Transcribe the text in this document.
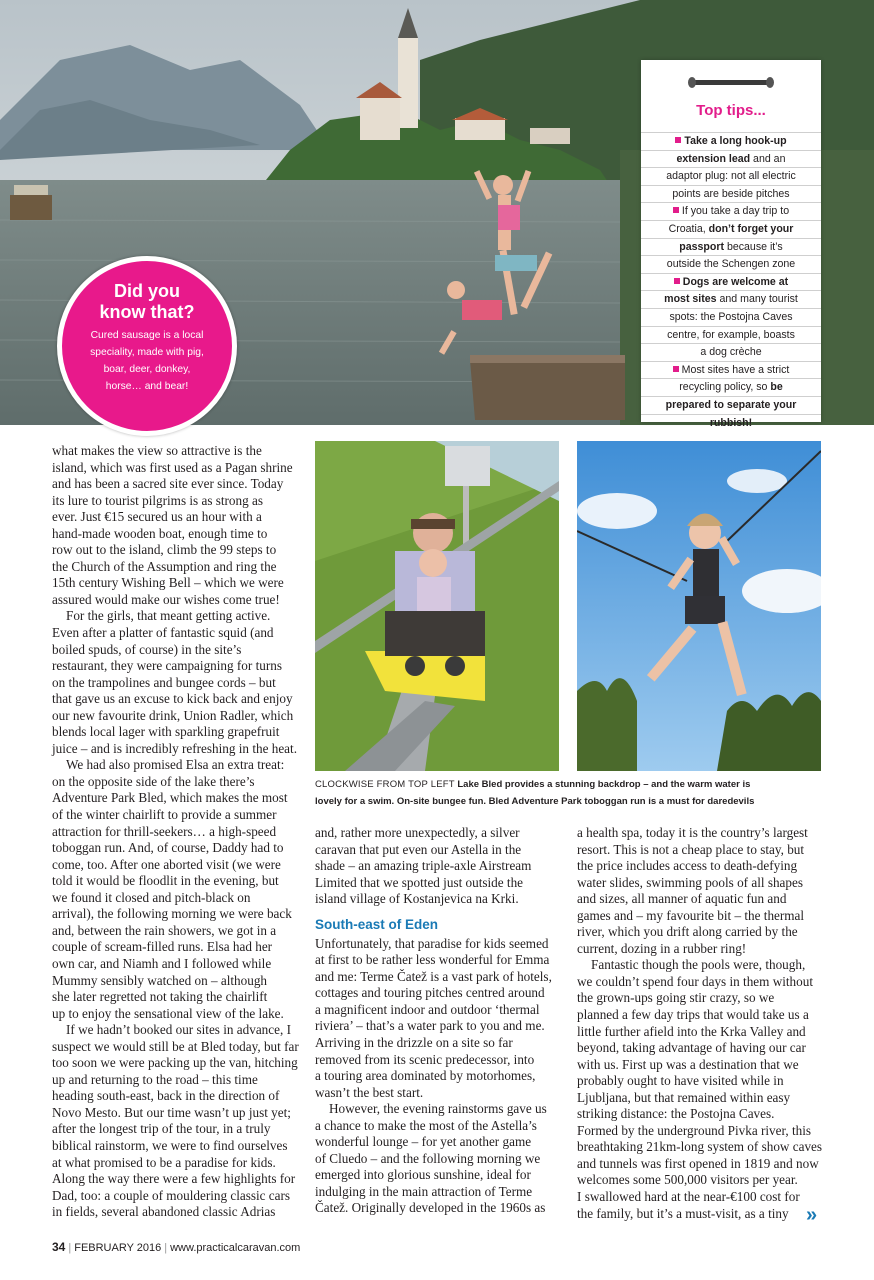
Top tips...
Take a long hook-up
extension lead and an
adaptor plug: not all electric
points are beside pitches
If you take a day trip to
Croatia, don’t forget your
passport because it’s
outside the Schengen zone
Dogs are welcome at
most sites and many tourist
spots: the Postojna Caves
centre, for example, boasts
a dog crèche
Most sites have a strict
recycling policy, so be
prepared to separate your
rubbish!
Did you
know that?
Cured sausage is a local
speciality, made with pig,
boar, deer, donkey,
horse… and bear!
what makes the view so attractive is the
island, which was first used as a Pagan shrine
and has been a sacred site ever since. Today
its lure to tourist pilgrims is as strong as
ever. Just €15 secured us an hour with a
hand-made wooden boat, enough time to
row out to the island, climb the 99 steps to
the Church of the Assumption and ring the
15th century Wishing Bell – which we were
assured would make our wishes come true!
For the girls, that meant getting active.
Even after a platter of fantastic squid (and
boiled spuds, of course) in the site’s
restaurant, they were campaigning for turns
on the trampolines and bungee cords – but
that gave us an excuse to kick back and enjoy
our new favourite drink, Union Radler, which
blends local lager with sparkling grapefruit
juice – and is incredibly refreshing in the heat.
We had also promised Elsa an extra treat:
on the opposite side of the lake there’s
Adventure Park Bled, which makes the most
of the winter chairlift to provide a summer
attraction for thrill-seekers… a high-speed
toboggan run. And, of course, Daddy had to
come, too. After one aborted visit (we were
told it would be floodlit in the evening, but
we found it closed and pitch-black on
arrival), the following morning we were back
and, between the rain showers, we got in a
couple of scream-filled runs. Elsa had her
own car, and Niamh and I followed while
Mummy sensibly watched on – although
she later regretted not taking the chairlift
up to enjoy the sensational view of the lake.
If we hadn’t booked our sites in advance, I
suspect we would still be at Bled today, but far
too soon we were packing up the van, hitching
up and returning to the road – this time
heading south-east, back in the direction of
Novo Mesto. But our time wasn’t up just yet;
after the longest trip of the tour, in a truly
biblical rainstorm, we were to find ourselves
at what promised to be a paradise for kids.
Along the way there were a few highlights for
Dad, too: a couple of mouldering classic cars
in fields, several abandoned classic Adrias
CLOCKWISE FROM TOP LEFT Lake Bled provides a stunning backdrop – and the warm water is
lovely for a swim. On-site bungee fun. Bled Adventure Park toboggan run is a must for daredevils
and, rather more unexpectedly, a silver
caravan that put even our Astella in the
shade – an amazing triple-axle Airstream
Limited that we spotted just outside the
island village of Kostanjevica na Krki.
South-east of Eden
Unfortunately, that paradise for kids seemed
at first to be rather less wonderful for Emma
and me: Terme Čatež is a vast park of hotels,
cottages and touring pitches centred around
a magnificent indoor and outdoor ‘thermal
riviera’ – that’s a water park to you and me.
Arriving in the drizzle on a site so far
removed from its scenic predecessor, into
a touring area dominated by motorhomes,
wasn’t the best start.
However, the evening rainstorms gave us
a chance to make the most of the Astella’s
wonderful lounge – for yet another game
of Cluedo – and the following morning we
emerged into glorious sunshine, ideal for
indulging in the main attraction of Terme
Čatež. Originally developed in the 1960s as
a health spa, today it is the country’s largest
resort. This is not a cheap place to stay, but
the price includes access to death-defying
water slides, swimming pools of all shapes
and sizes, all manner of aquatic fun and
games and – my favourite bit – the thermal
river, which you drift along carried by the
current, dozing in a rubber ring!
Fantastic though the pools were, though,
we couldn’t spend four days in them without
the grown-ups going stir crazy, so we
planned a few day trips that would take us a
little further afield into the Krka Valley and
beyond, taking advantage of having our car
with us. First up was a destination that we
probably ought to have visited while in
Ljubljana, but that remained within easy
striking distance: the Postojna Caves.
Formed by the underground Pivka river, this
breathtaking 21km-long system of show caves
and tunnels was first opened in 1819 and now
welcomes some 500,000 visitors per year.
I swallowed hard at the near-€100 cost for
the family, but it’s a must-visit, as a tiny »
34 | FEBRUARY 2016 | www.practicalcaravan.com
